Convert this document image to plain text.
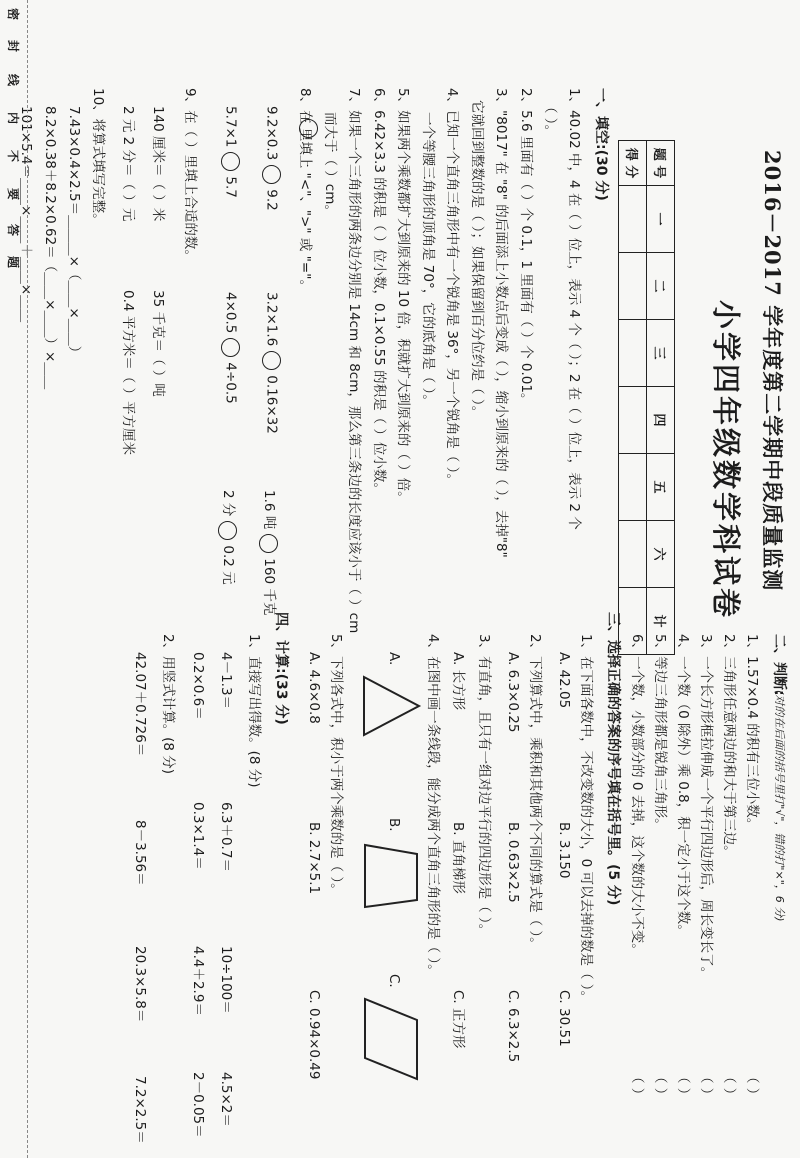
2016－2017 学年度第二学期中段质量监测
小学四年级数学科试卷
题 号	一	二	三	四	五	六	计
得 分							
一、填空:(30 分)
1、40.02 中，4 在（ ）位上，表示 4 个（ ）；2 在（ ）位上，表示 2 个
（ ）。
2、5.6 里面有（ ）个 0.1，1 里面有（ ）个 0.01。
3、"8017" 在 "8" 的后面添上小数点后变成（ ），缩小到原来的（ ），去掉"8"
它就回到整数的是（ ）；如果保留到百分位约是（ ）。
4、已知一个直角三角形中有一个锐角是 36°，另一个锐角是（ ）。
一个等腰三角形的顶角是 70°，它的底角是（ ）。
5、如果两个乘数都扩大到原来的 10 倍，积就扩大到原来的（ ）倍。
6、6.42×3.3 的积是（ ）位小数，0.1×0.55 的积是（ ）位小数。
7、如果一个三角形的两条边分别是 14cm 和 8cm，那么第三条边的长度应该小于（ ）cm
而大于（ ）cm。
8、在 里填上 "<"、">" 或 "="。
9.2×0.39.2
3.2×1.60.16×32
1.6 吨160 千克
5.7×15.7
4×0.54÷0.5
2 分0.2 元
9、在（ ）里填上合适的数。
140 厘米＝（ ）米
35 千克＝（ ）吨
2 元 2 分＝（ ）元
0.4 平方米＝（ ）平方厘米
10、将算式填写完整。
7.43×0.4×2.5＝＿＿＿×（＿＿×＿＿）
8.2×0.38＋8.2×0.62＝（＿＿×＿＿）×＿＿
101×5.4＝＿＿×＿＿＋＿＿×＿＿
二、判断:
(对的在后面的括号里打"√"，错的打"×"，6 分)
1、1.57×0.4 的积有三位小数。
（ ）
2、三角形任意两边的和大于第三边。
（ ）
3、一个长方形框拉伸成一个平行四边形后，周长变长了。
（ ）
4、一个数（0 除外）乘 0.8，积一定小于这个数。
（ ）
5、等边三角形都是锐角三角形。
（ ）
6、一个数，小数部分的 0 去掉，这个数的大小不变。
（ ）
三、选择正确的答案的序号填在括号里。(5 分)
1、在下面各数中，不改变数的大小，0 可以去掉的数是（ ）。
A. 42.05
B. 3.150
C. 30.51
2、下列算式中，乘积和其他两个不同的算式是（ ）。
A. 6.3×0.25
B. 0.63×2.5
C. 6.3×2.5
3、有直角，且只有一组对边平行的四边形是（ ）。
A. 长方形
B. 直角梯形
C. 正方形
4、在图中画一条线段，能分成两个直角三角形的是（ ）。
A.
B.
C.
5、下列各式中，积小于两个乘数的是（ ）。
A. 4.6×0.8
B. 2.7×5.1
C. 0.94×0.49
四、计算:(33 分)
1、直接写出得数。(8 分)
4－1.3＝
6.3＋0.7＝
10÷100＝
4.5×2＝
0.2×0.6＝
0.3×1.4＝
4.4＋2.9＝
2－0.05＝
2、用竖式计算。(8 分)
42.07＋0.726＝
8－3.56＝
20.3×5.8＝
7.2×2.5＝
密
封
线
内
不
要
答
题
